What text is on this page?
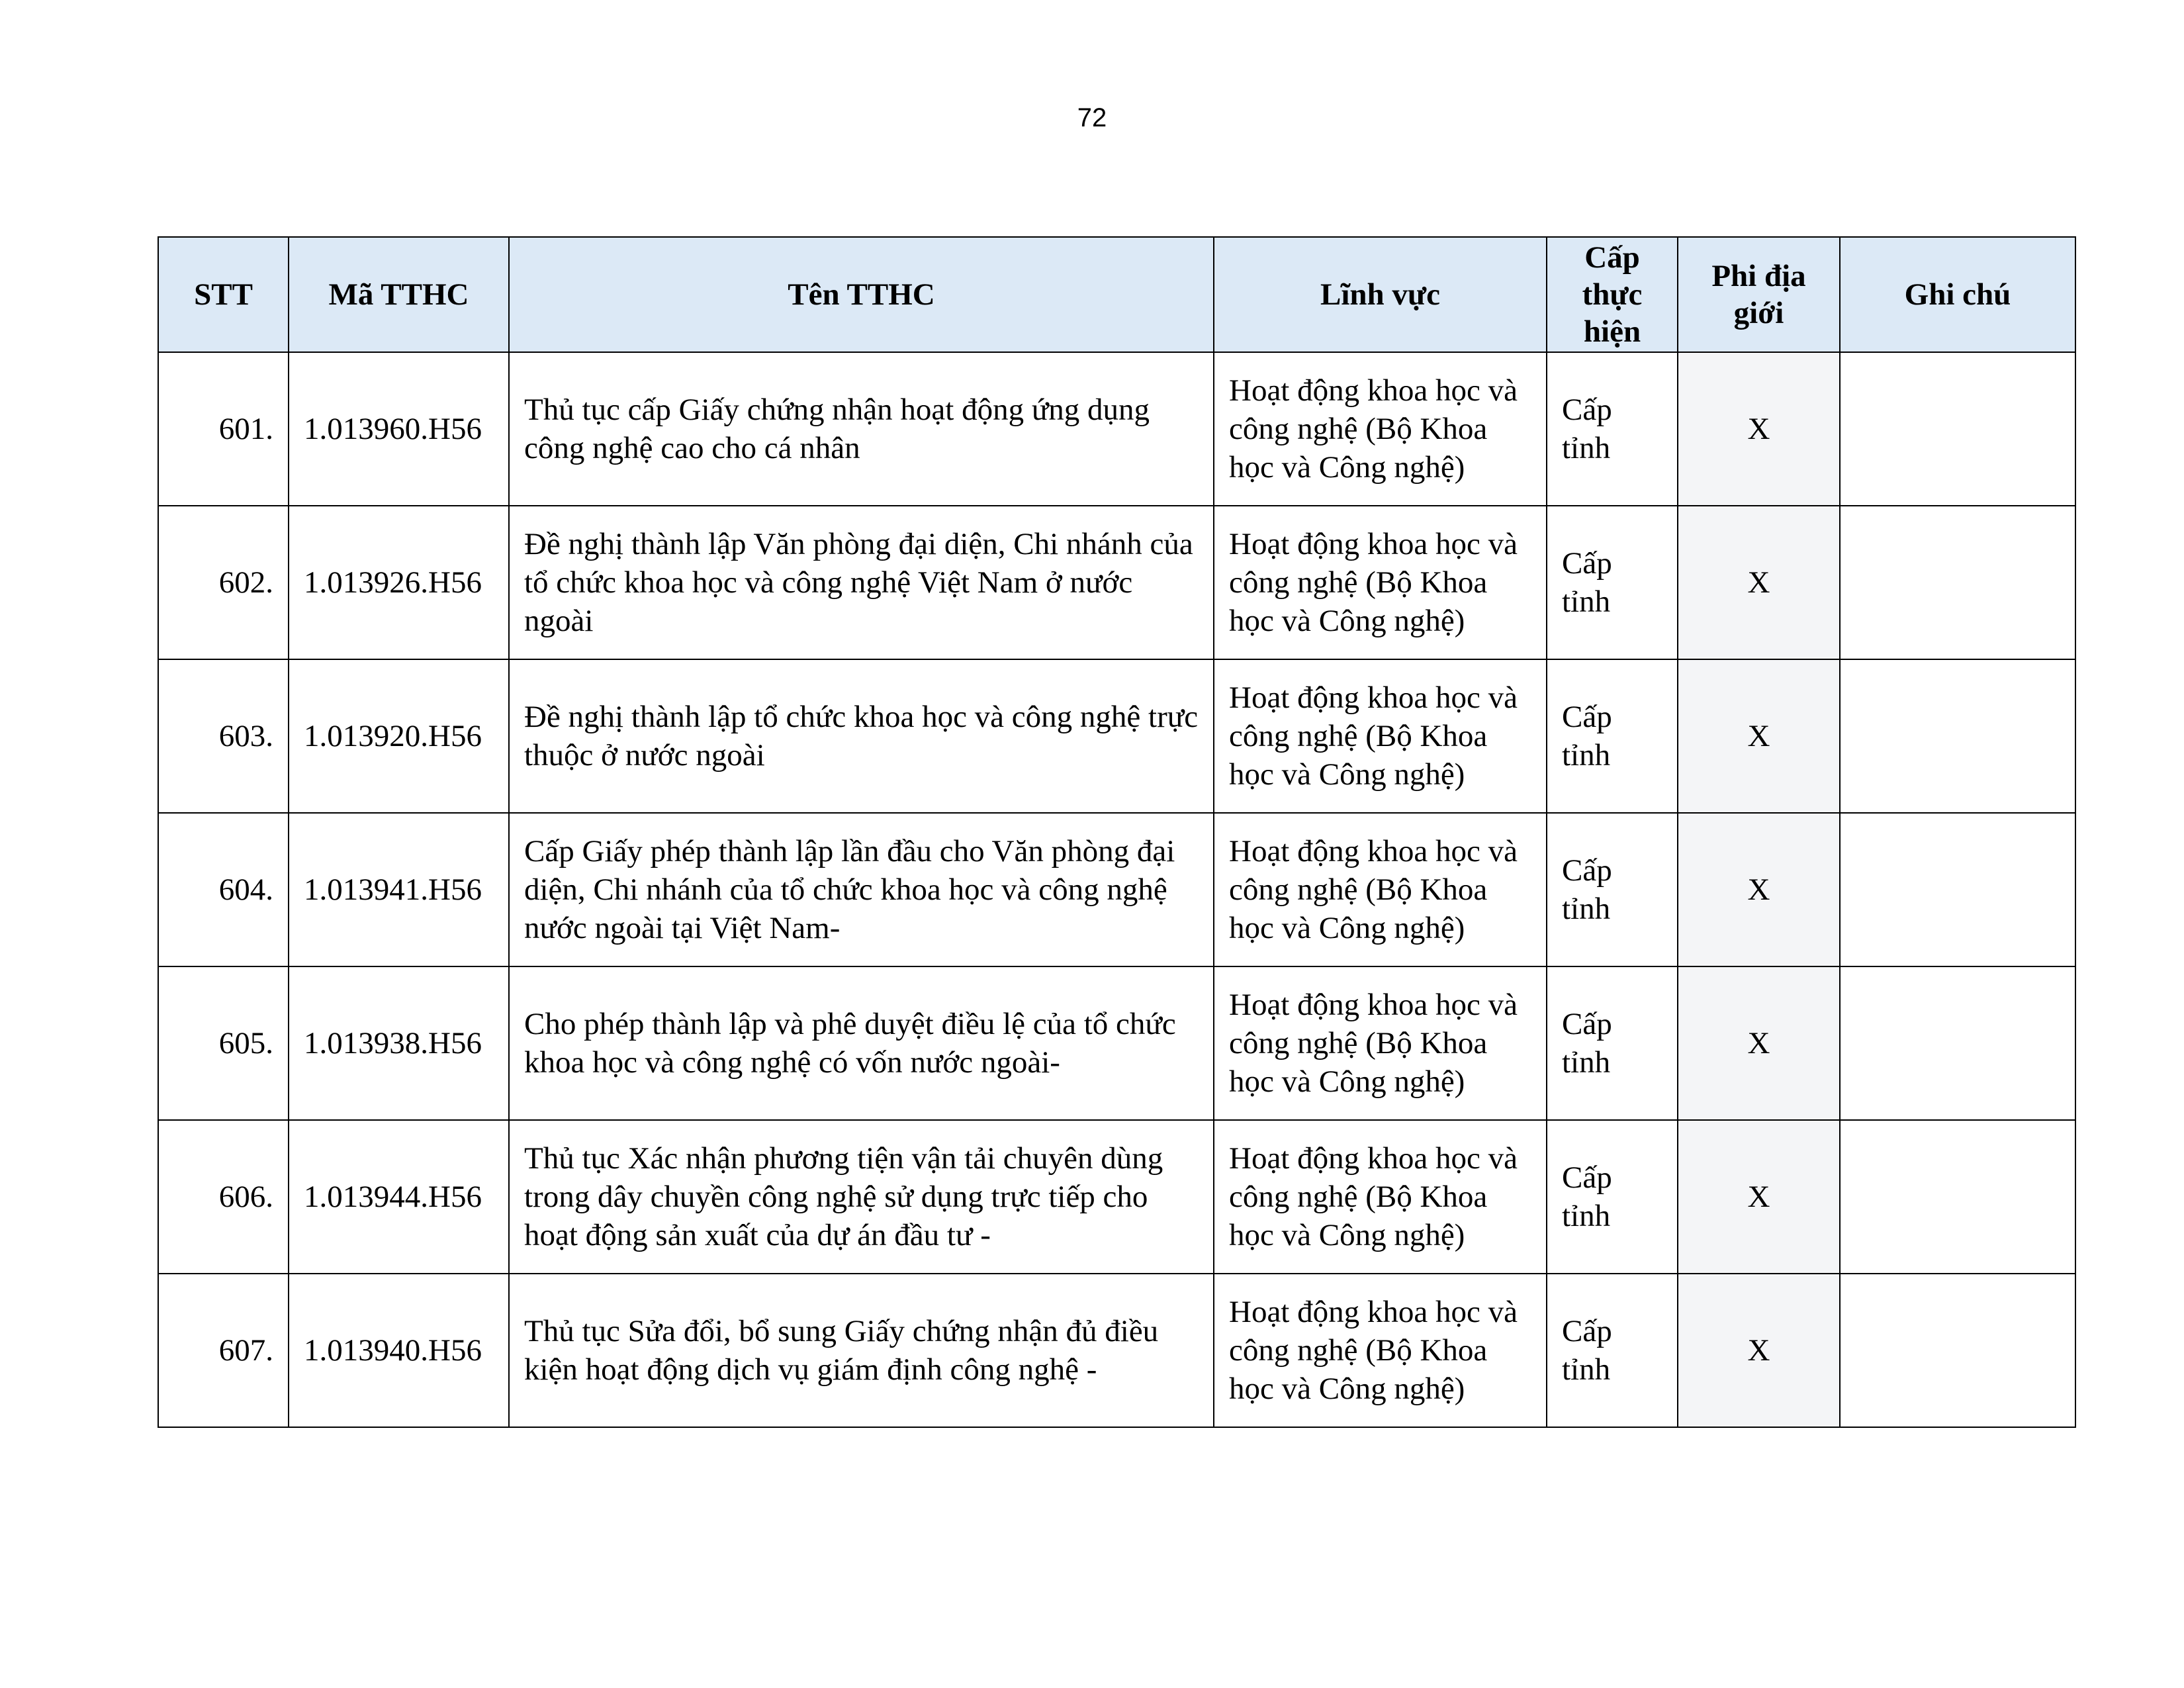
72
STT	Mã TTHC	Tên TTHC	Lĩnh vực	Cấp thực hiện	Phi địa giới	Ghi chú
601.	1.013960.H56	Thủ tục cấp Giấy chứng nhận hoạt động ứng dụng công nghệ cao cho cá nhân	Hoạt động khoa học và công nghệ (Bộ Khoa học và Công nghệ)	Cấp tỉnh	X	
602.	1.013926.H56	Đề nghị thành lập Văn phòng đại diện, Chi nhánh của tổ chức khoa học và công nghệ Việt Nam ở nước ngoài	Hoạt động khoa học và công nghệ (Bộ Khoa học và Công nghệ)	Cấp tỉnh	X	
603.	1.013920.H56	Đề nghị thành lập tổ chức khoa học và công nghệ trực thuộc ở nước ngoài	Hoạt động khoa học và công nghệ (Bộ Khoa học và Công nghệ)	Cấp tỉnh	X	
604.	1.013941.H56	Cấp Giấy phép thành lập lần đầu cho Văn phòng đại diện, Chi nhánh của tổ chức khoa học và công nghệ nước ngoài tại Việt Nam-	Hoạt động khoa học và công nghệ (Bộ Khoa học và Công nghệ)	Cấp tỉnh	X	
605.	1.013938.H56	Cho phép thành lập và phê duyệt điều lệ của tổ chức khoa học và công nghệ có vốn nước ngoài-	Hoạt động khoa học và công nghệ (Bộ Khoa học và Công nghệ)	Cấp tỉnh	X	
606.	1.013944.H56	Thủ tục Xác nhận phương tiện vận tải chuyên dùng trong dây chuyền công nghệ sử dụng trực tiếp cho hoạt động sản xuất của dự án đầu tư -	Hoạt động khoa học và công nghệ (Bộ Khoa học và Công nghệ)	Cấp tỉnh	X	
607.	1.013940.H56	Thủ tục Sửa đổi, bổ sung Giấy chứng nhận đủ điều kiện hoạt động dịch vụ giám định công nghệ -	Hoạt động khoa học và công nghệ (Bộ Khoa học và Công nghệ)	Cấp tỉnh	X	
